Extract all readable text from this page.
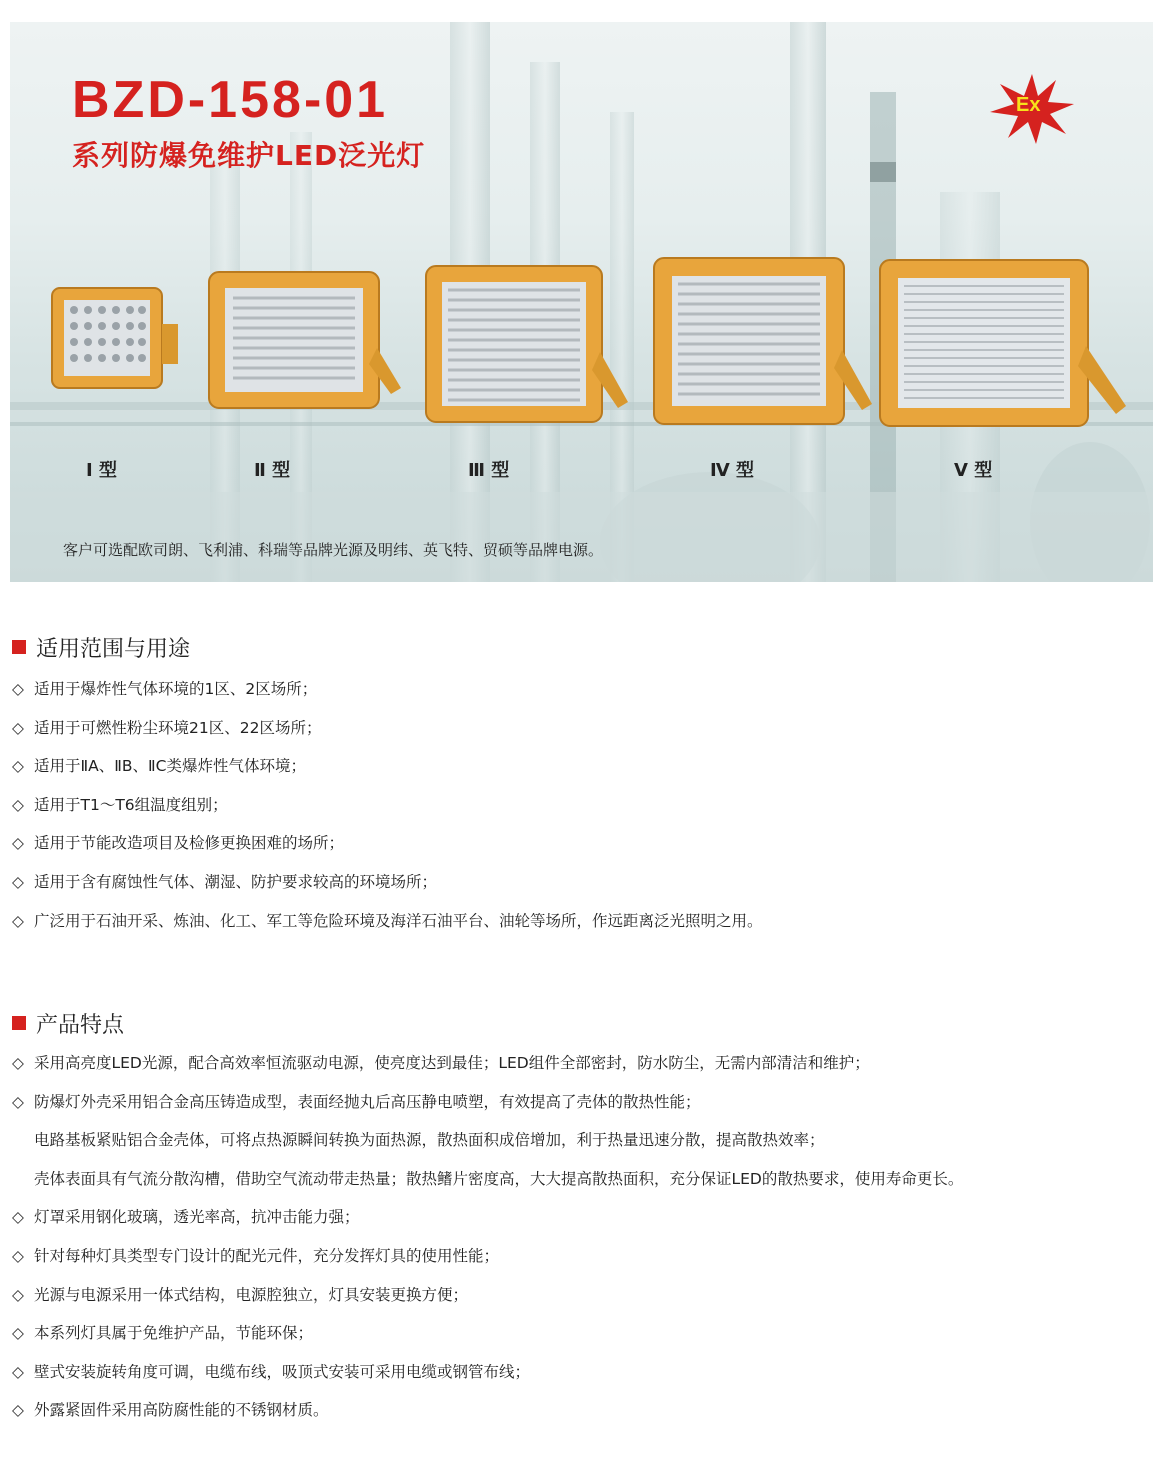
BZD-158-01
系列防爆免维护LED泛光灯
Ex
Ⅰ 型	Ⅱ 型	Ⅲ 型	Ⅳ 型	Ⅴ 型
客户可选配欧司朗、飞利浦、科瑞等品牌光源及明纬、英飞特、贸硕等品牌电源。
适用范围与用途
◇ 适用于爆炸性气体环境的1区、2区场所；
◇ 适用于可燃性粉尘环境21区、22区场所；
◇ 适用于ⅡA、ⅡB、ⅡC类爆炸性气体环境；
◇ 适用于T1～T6组温度组别；
◇ 适用于节能改造项目及检修更换困难的场所；
◇ 适用于含有腐蚀性气体、潮湿、防护要求较高的环境场所；
◇ 广泛用于石油开采、炼油、化工、军工等危险环境及海洋石油平台、油轮等场所，作远距离泛光照明之用。
产品特点
◇ 采用高亮度LED光源，配合高效率恒流驱动电源，使亮度达到最佳；LED组件全部密封，防水防尘，无需内部清洁和维护；
◇ 防爆灯外壳采用铝合金高压铸造成型，表面经抛丸后高压静电喷塑，有效提高了壳体的散热性能；
电路基板紧贴铝合金壳体，可将点热源瞬间转换为面热源，散热面积成倍增加，利于热量迅速分散，提高散热效率；
壳体表面具有气流分散沟槽，借助空气流动带走热量；散热鳍片密度高，大大提高散热面积，充分保证LED的散热要求，使用寿命更长。
◇ 灯罩采用钢化玻璃，透光率高，抗冲击能力强；
◇ 针对每种灯具类型专门设计的配光元件，充分发挥灯具的使用性能；
◇ 光源与电源采用一体式结构，电源腔独立，灯具安装更换方便；
◇ 本系列灯具属于免维护产品，节能环保；
◇ 壁式安装旋转角度可调，电缆布线，吸顶式安装可采用电缆或钢管布线；
◇ 外露紧固件采用高防腐性能的不锈钢材质。
